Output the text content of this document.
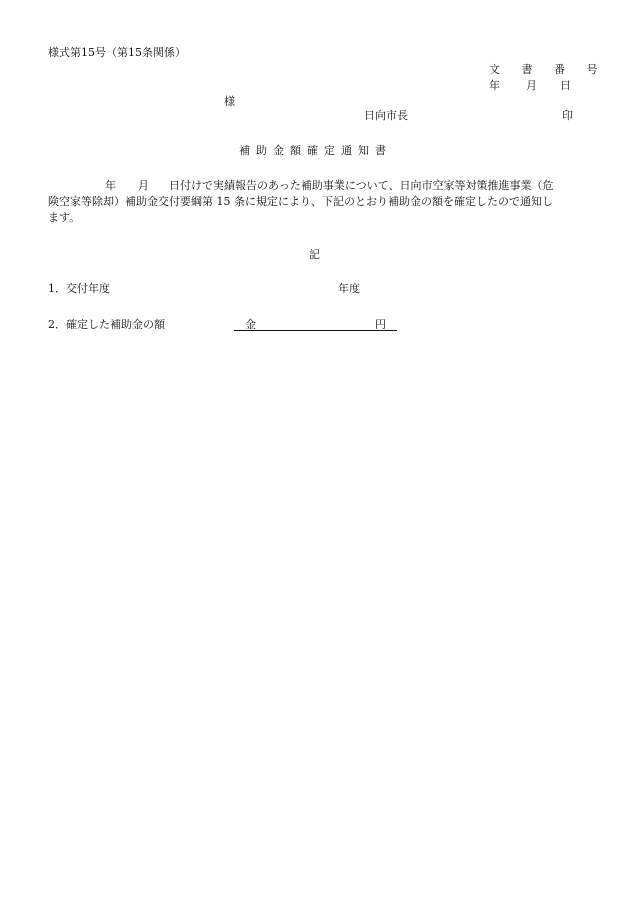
様式第15号（第15条関係）
文 書 番 号
年 月 日
様
日向市長	印
補助金額確定通知書
年 月 日付けで実績報告のあった補助事業について、日向市空家等対策推進事業（危
険空家等除却）補助金交付要綱第 15 条に規定により、下記のとおり補助金の額を確定したので通知し
ます。
記
1．交付年度	年度
2．確定した補助金の額	金	円
